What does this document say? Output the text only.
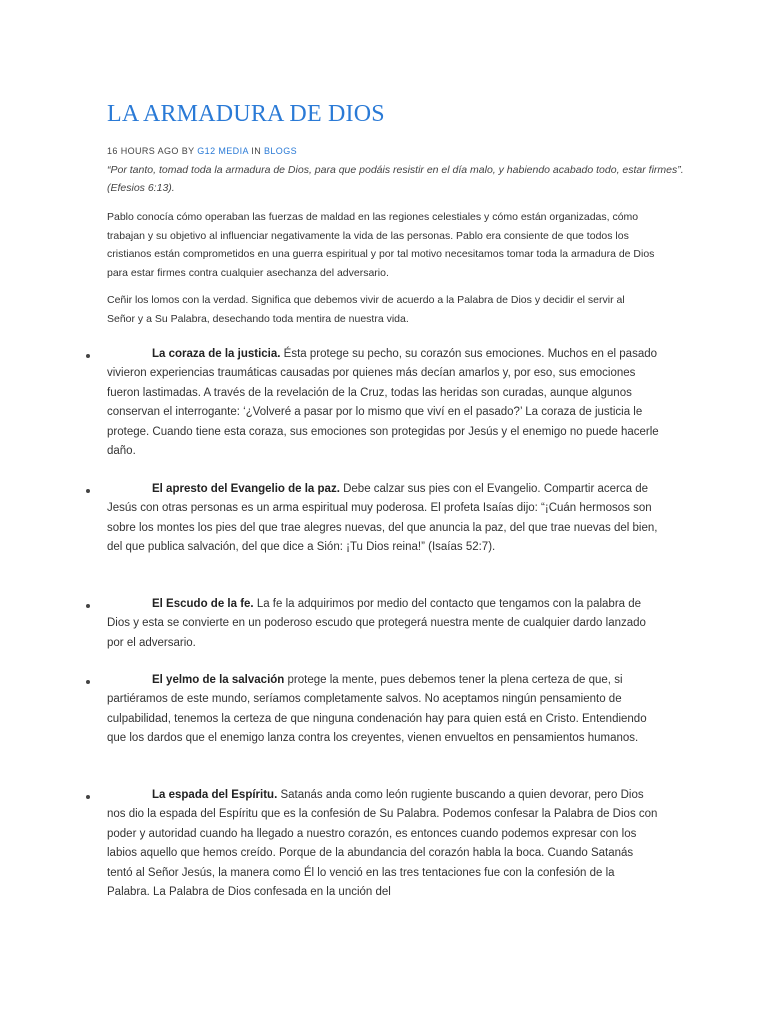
LA ARMADURA DE DIOS
16 HOURS AGO BY G12 MEDIA IN BLOGS

“Por tanto, tomad toda la armadura de Dios, para que podáis resistir en el día malo, y habiendo acabado todo, estar firmes”. (Efesios 6:13).

Pablo conocía cómo operaban las fuerzas de maldad en las regiones celestiales y cómo están organizadas, cómo trabajan y su objetivo al influenciar negativamente la vida de las personas. Pablo era consiente de que todos los cristianos están comprometidos en una guerra espiritual y por tal motivo necesitamos tomar toda la armadura de Dios para estar firmes contra cualquier asechanza del adversario.

Ceñir los lomos con la verdad. Significa que debemos vivir de acuerdo a la Palabra de Dios y decidir el servir al Señor y a Su Palabra, desechando toda mentira de nuestra vida.

La coraza de la justicia. Ésta protege su pecho, su corazón sus emociones. Muchos en el pasado vivieron experiencias traumáticas causadas por quienes más decían amarlos y, por eso, sus emociones fueron lastimadas. A través de la revelación de la Cruz, todas las heridas son curadas, aunque algunos conservan el interrogante: ‘¿Volveré a pasar por lo mismo que viví en el pasado?’ La coraza de justicia le protege. Cuando tiene esta coraza, sus emociones son protegidas por Jesús y el enemigo no puede hacerle daño.
El apresto del Evangelio de la paz. Debe calzar sus pies con el Evangelio. Compartir acerca de Jesús con otras personas es un arma espiritual muy poderosa. El profeta Isaías dijo: “¡Cuán hermosos son sobre los montes los pies del que trae alegres nuevas, del que anuncia la paz, del que trae nuevas del bien, del que publica salvación, del que dice a Sión: ¡Tu Dios reina!” (Isaías 52:7).
El Escudo de la fe. La fe la adquirimos por medio del contacto que tengamos con la palabra de Dios y esta se convierte en un poderoso escudo que protegerá nuestra mente de cualquier dardo lanzado por el adversario.
El yelmo de la salvación protege la mente, pues debemos tener la plena certeza de que, si partiéramos de este mundo, seríamos completamente salvos. No aceptamos ningún pensamiento de culpabilidad, tenemos la certeza de que ninguna condenación hay para quien está en Cristo. Entendiendo que los dardos que el enemigo lanza contra los creyentes, vienen envueltos en pensamientos humanos.
La espada del Espíritu. Satanás anda como león rugiente buscando a quien devorar, pero Dios nos dio la espada del Espíritu que es la confesión de Su Palabra. Podemos confesar la Palabra de Dios con poder y autoridad cuando ha llegado a nuestro corazón, es entonces cuando podemos expresar con los labios aquello que hemos creído. Porque de la abundancia del corazón habla la boca. Cuando Satanás tentó al Señor Jesús, la manera como Él lo venció en las tres tentaciones fue con la confesión de la Palabra. La Palabra de Dios confesada en la unción del
